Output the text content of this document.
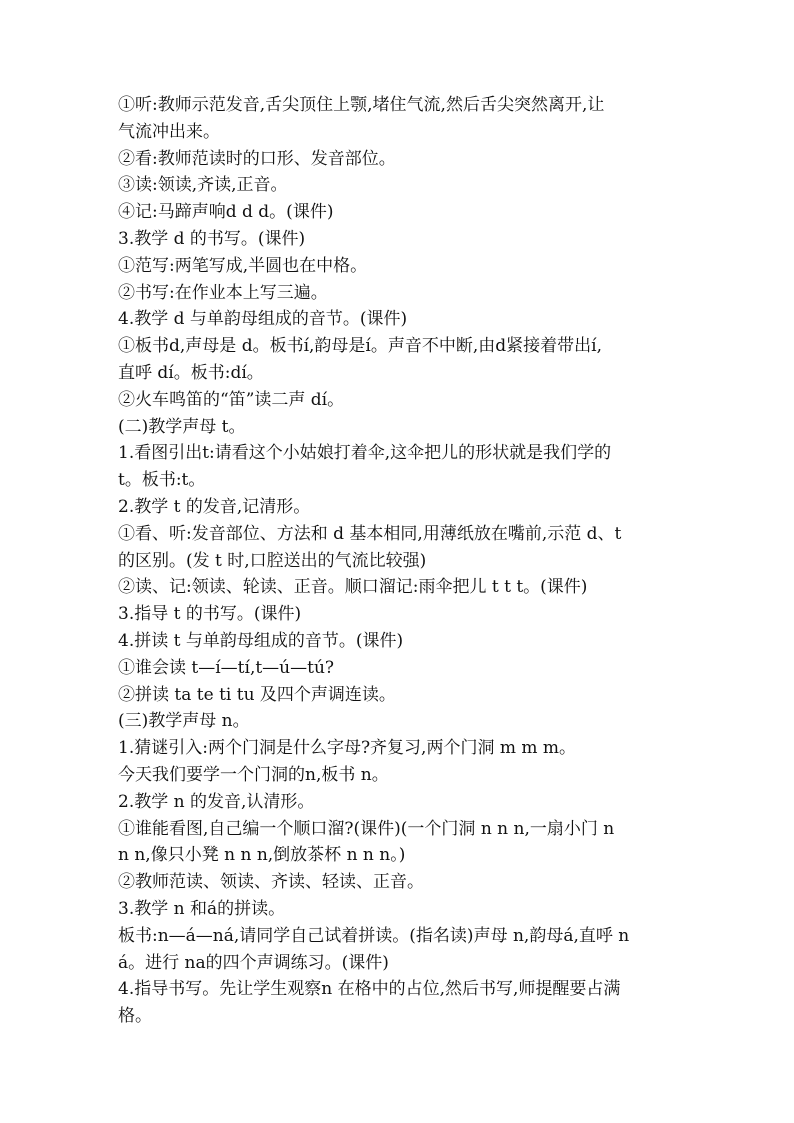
①听:教师示范发音,舌尖顶住上颚,堵住气流,然后舌尖突然离开,让
气流冲出来。
②看:教师范读时的口形、发音部位。
③读:领读,齐读,正音。
④记:马蹄声响d d d。(课件)
3.教学 d 的书写。(课件)
①范写:两笔写成,半圆也在中格。
②书写:在作业本上写三遍。
4.教学 d 与单韵母组成的音节。(课件)
①板书d,声母是 d。板书í,韵母是í。声音不中断,由d紧接着带出í,
直呼 dí。板书:dí。
②火车鸣笛的“笛”读二声 dí。
(二)教学声母 t。
1.看图引出t:请看这个小姑娘打着伞,这伞把儿的形状就是我们学的
t。板书:t。
2.教学 t 的发音,记清形。
①看、听:发音部位、方法和 d 基本相同,用薄纸放在嘴前,示范 d、t
的区别。(发 t 时,口腔送出的气流比较强)
②读、记:领读、轮读、正音。顺口溜记:雨伞把儿 t t t。(课件)
3.指导 t 的书写。(课件)
4.拼读 t 与单韵母组成的音节。(课件)
①谁会读 t—í—tí,t—ú—tú?
②拼读 ta te ti tu 及四个声调连读。
(三)教学声母 n。
1.猜谜引入:两个门洞是什么字母?齐复习,两个门洞 m m m。
今天我们要学一个门洞的n,板书 n。
2.教学 n 的发音,认清形。
①谁能看图,自己编一个顺口溜?(课件)(一个门洞 n n n,一扇小门 n
n n,像只小凳 n n n,倒放茶杯 n n n。)
②教师范读、领读、齐读、轻读、正音。
3.教学 n 和á的拼读。
板书:n—á—ná,请同学自己试着拼读。(指名读)声母 n,韵母á,直呼 n
á。进行 na的四个声调练习。(课件)
4.指导书写。先让学生观察n 在格中的占位,然后书写,师提醒要占满
格。
